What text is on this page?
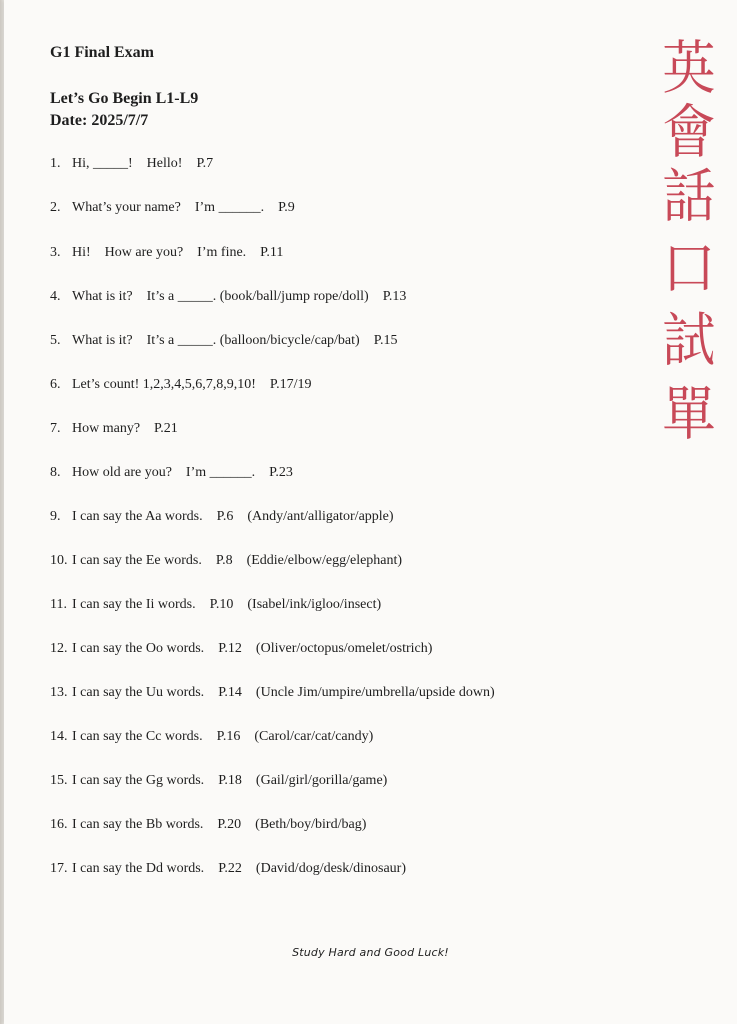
G1 Final Exam
Let’s Go Begin L1-L9
Date: 2025/7/7
英
會
話
口
試
單
1. Hi, _____!    Hello! P.7
2. What’s your name?    I’m ______. P.9
3. Hi!    How are you?    I’m fine. P.11
4. What is it?    It’s a _____. (book/ball/jump rope/doll) P.13
5. What is it?    It’s a _____. (balloon/bicycle/cap/bat) P.15
6. Let’s count! 1,2,3,4,5,6,7,8,9,10! P.17/19
7. How many? P.21
8. How old are you?    I’m ______. P.23
9. I can say the Aa words. P.6 (Andy/ant/alligator/apple)
10. I can say the Ee words. P.8 (Eddie/elbow/egg/elephant)
11. I can say the Ii words. P.10 (Isabel/ink/igloo/insect)
12. I can say the Oo words. P.12 (Oliver/octopus/omelet/ostrich)
13. I can say the Uu words. P.14 (Uncle Jim/umpire/umbrella/upside down)
14. I can say the Cc words. P.16 (Carol/car/cat/candy)
15. I can say the Gg words. P.18 (Gail/girl/gorilla/game)
16. I can say the Bb words. P.20 (Beth/boy/bird/bag)
17. I can say the Dd words. P.22 (David/dog/desk/dinosaur)
Study Hard and Good Luck!
